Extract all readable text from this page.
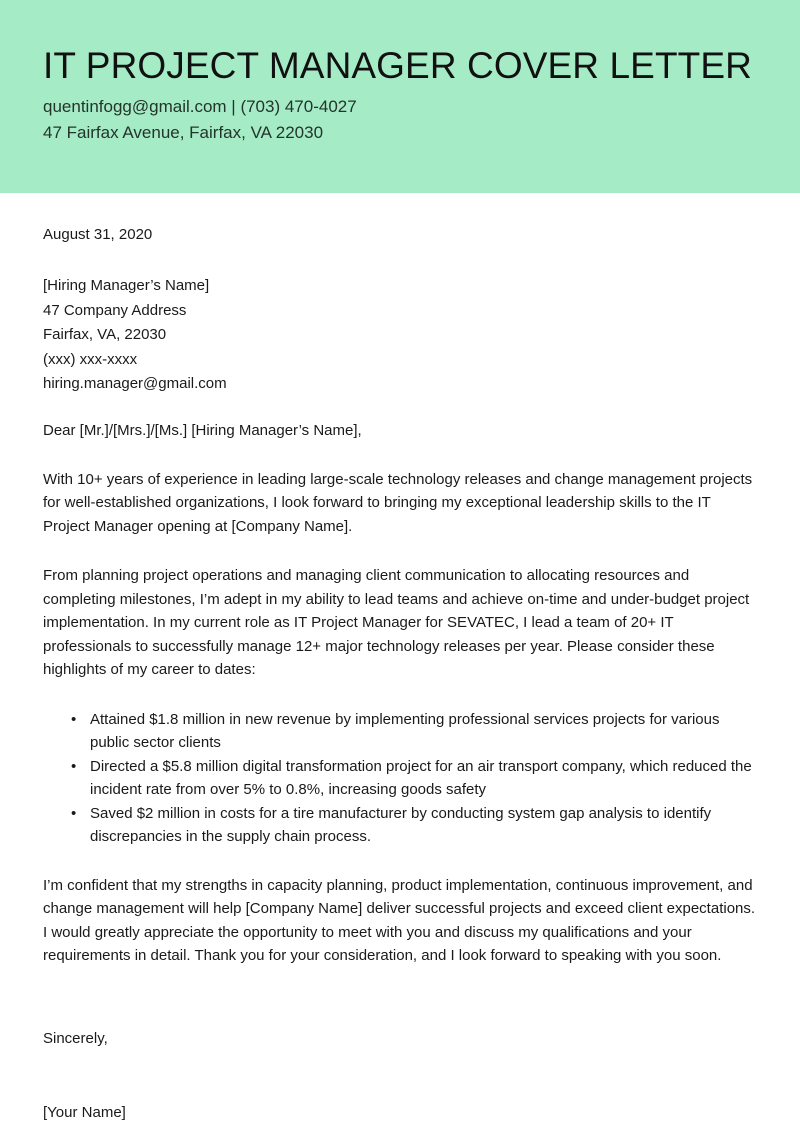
IT PROJECT MANAGER COVER LETTER

quentinfogg@gmail.com | (703) 470-4027

47 Fairfax Avenue, Fairfax, VA 22030

August 31, 2020

[Hiring Manager’s Name]

47 Company Address

Fairfax, VA, 22030

(xxx) xxx-xxxx

hiring.manager@gmail.com

Dear [Mr.]/[Mrs.]/[Ms.] [Hiring Manager’s Name],

With 10+ years of experience in leading large-scale technology releases and change management projects for well-established organizations, I look forward to bringing my exceptional leadership skills to the IT Project Manager opening at [Company Name].

From planning project operations and managing client communication to allocating resources and completing milestones, I’m adept in my ability to lead teams and achieve on-time and under-budget project implementation. In my current role as IT Project Manager for SEVATEC, I lead a team of 20+ IT professionals to successfully manage 12+ major technology releases per year. Please consider these highlights of my career to dates:

• Attained $1.8 million in new revenue by implementing professional services projects for various public sector clients
• Directed a $5.8 million digital transformation project for an air transport company, which reduced the incident rate from over 5% to 0.8%, increasing goods safety
• Saved $2 million in costs for a tire manufacturer by conducting system gap analysis to identify discrepancies in the supply chain process.

I’m confident that my strengths in capacity planning, product implementation, continuous improvement, and change management will help [Company Name] deliver successful projects and exceed client expectations. I would greatly appreciate the opportunity to meet with you and discuss my qualifications and your requirements in detail. Thank you for your consideration, and I look forward to speaking with you soon.

Sincerely,

[Your Name]
